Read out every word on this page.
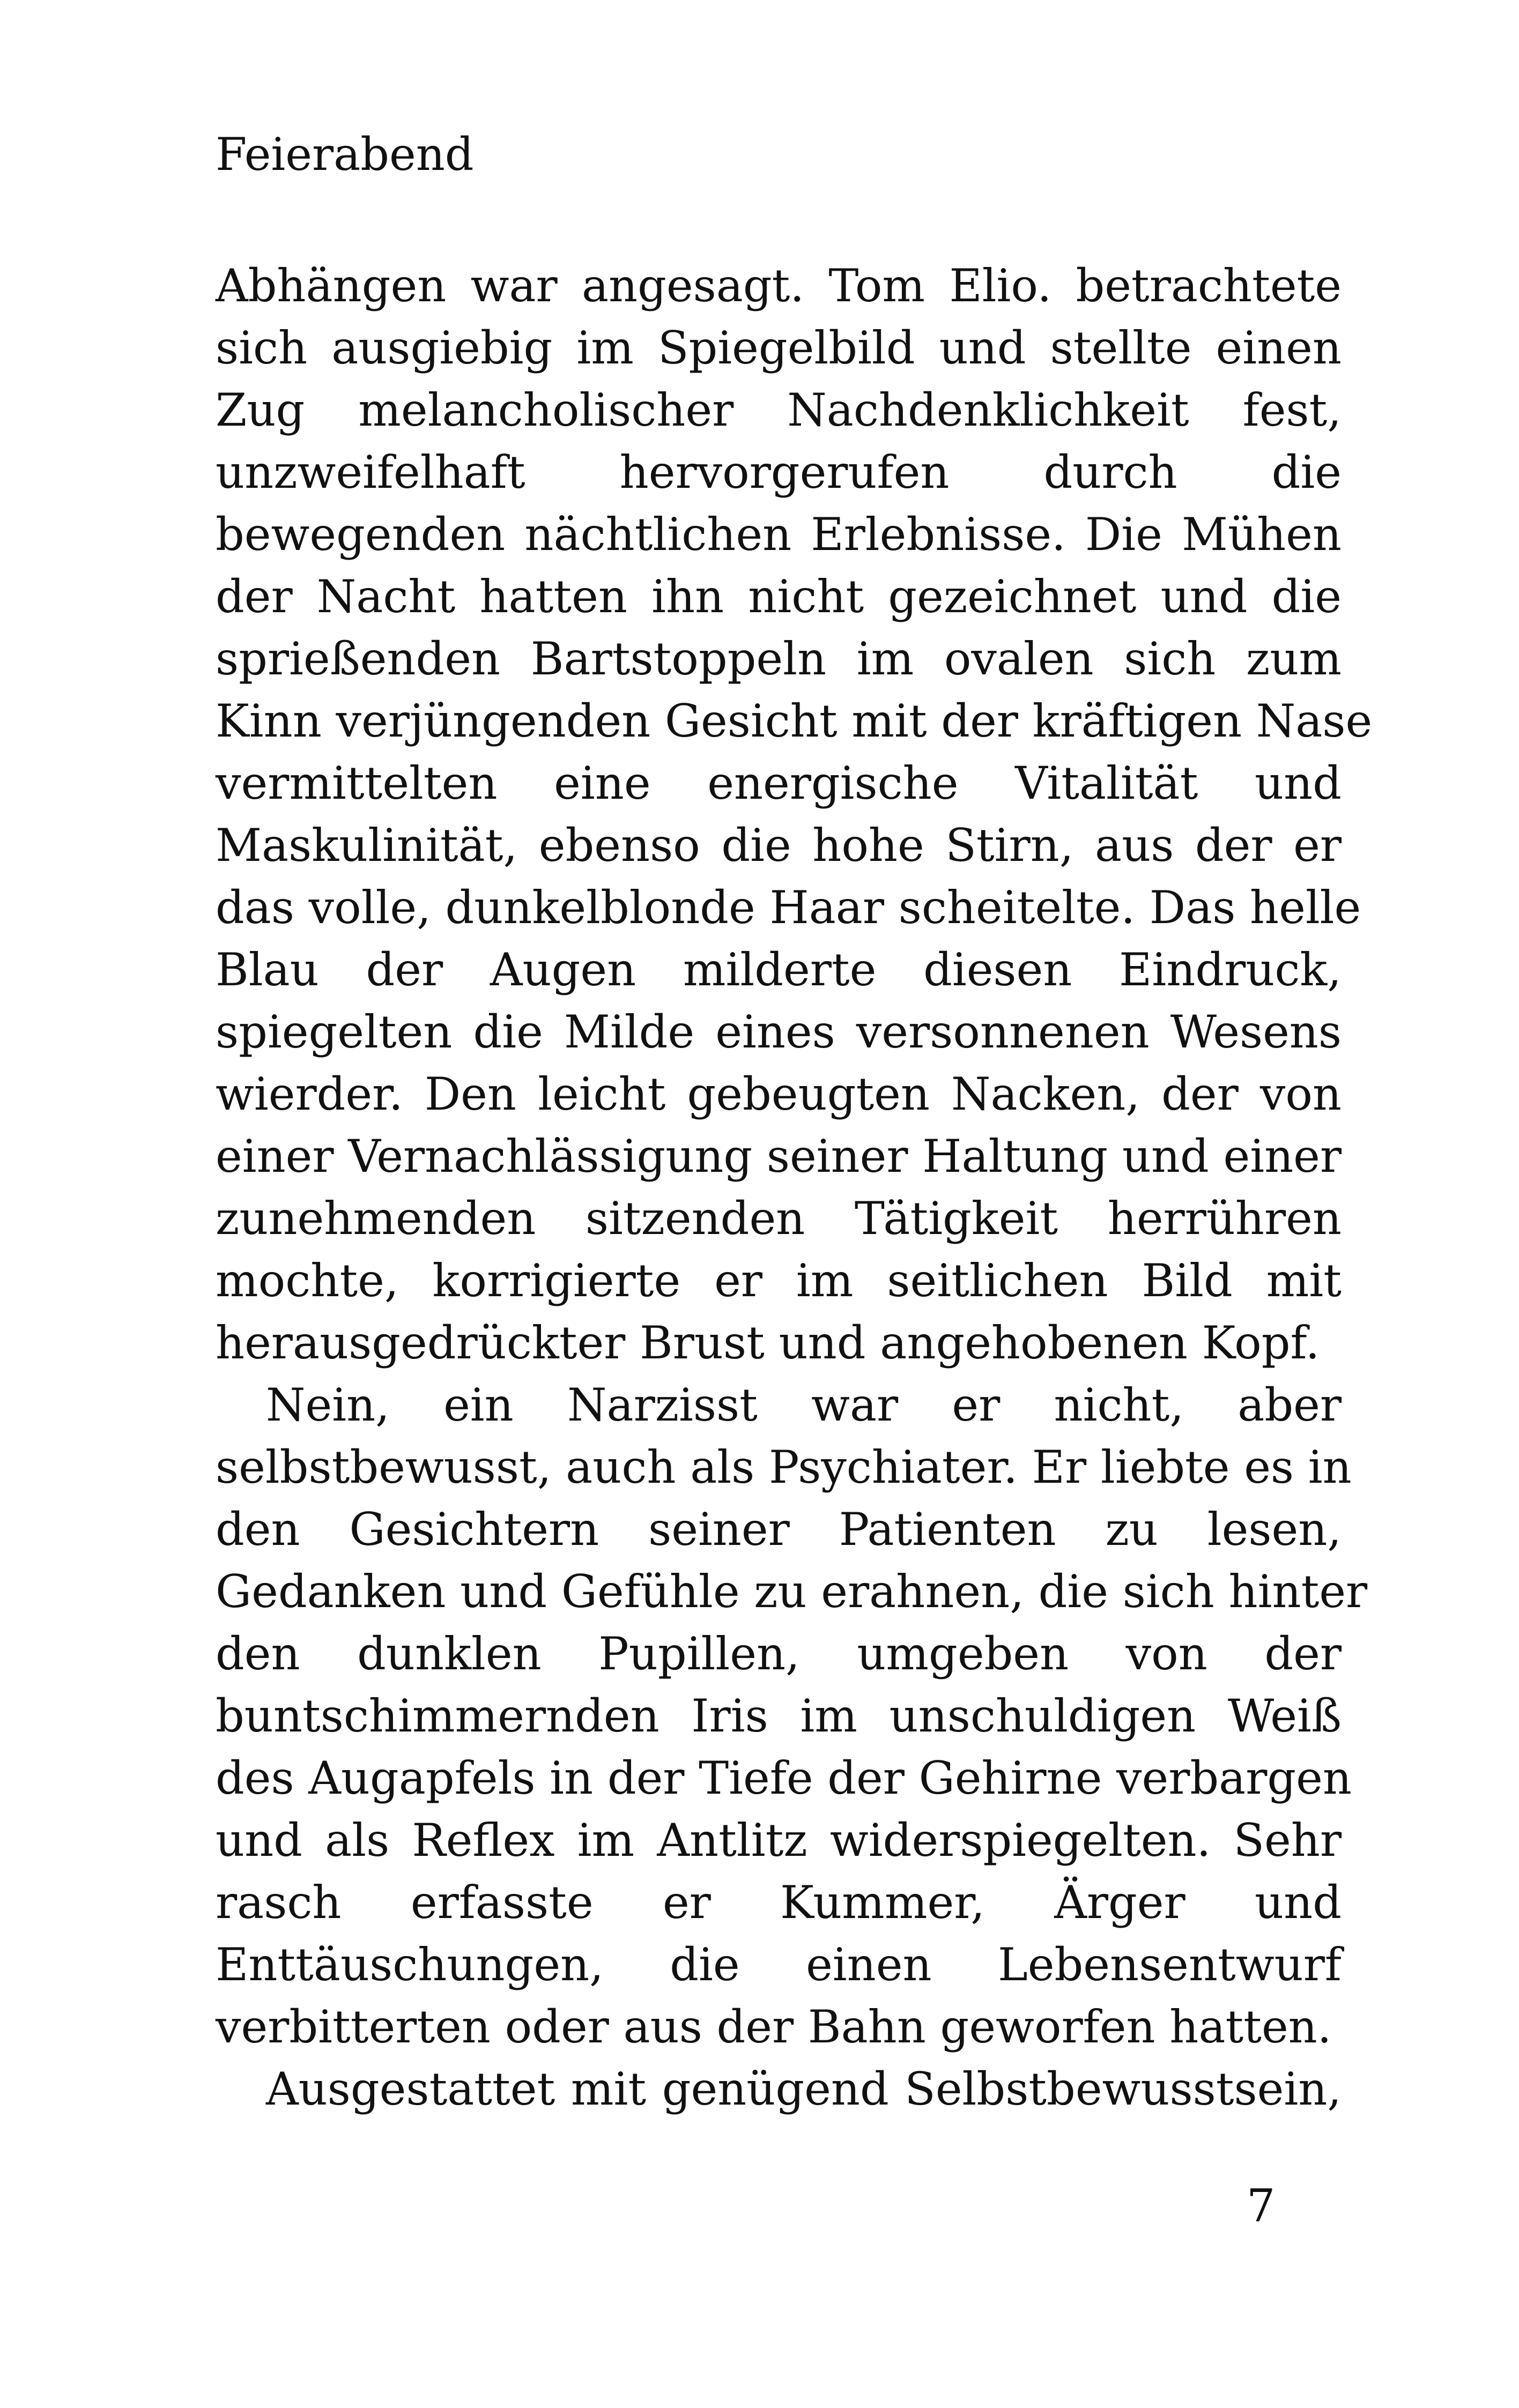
Feierabend
Abhängen war angesagt. Tom Elio. betrachtete
sich ausgiebig im Spiegelbild und stellte einen
Zug melancholischer Nachdenklichkeit fest,
unzweifelhaft hervorgerufen durch die
bewegenden nächtlichen Erlebnisse. Die Mühen
der Nacht hatten ihn nicht gezeichnet und die
sprießenden Bartstoppeln im ovalen sich zum
Kinn verjüngenden Gesicht mit der kräftigen Nase
vermittelten eine energische Vitalität und
Maskulinität, ebenso die hohe Stirn, aus der er
das volle, dunkelblonde Haar scheitelte. Das helle
Blau der Augen milderte diesen Eindruck,
spiegelten die Milde eines versonnenen Wesens
wierder. Den leicht gebeugten Nacken, der von
einer Vernachlässigung seiner Haltung und einer
zunehmenden sitzenden Tätigkeit herrühren
mochte, korrigierte er im seitlichen Bild mit
herausgedrückter Brust und angehobenen Kopf.
Nein, ein Narzisst war er nicht, aber
selbstbewusst, auch als Psychiater. Er liebte es in
den Gesichtern seiner Patienten zu lesen,
Gedanken und Gefühle zu erahnen, die sich hinter
den dunklen Pupillen, umgeben von der
buntschimmernden Iris im unschuldigen Weiß
des Augapfels in der Tiefe der Gehirne verbargen
und als Reflex im Antlitz widerspiegelten. Sehr
rasch erfasste er Kummer, Ärger und
Enttäuschungen, die einen Lebensentwurf
verbitterten oder aus der Bahn geworfen hatten.
Ausgestattet mit genügend Selbstbewusstsein,
7
